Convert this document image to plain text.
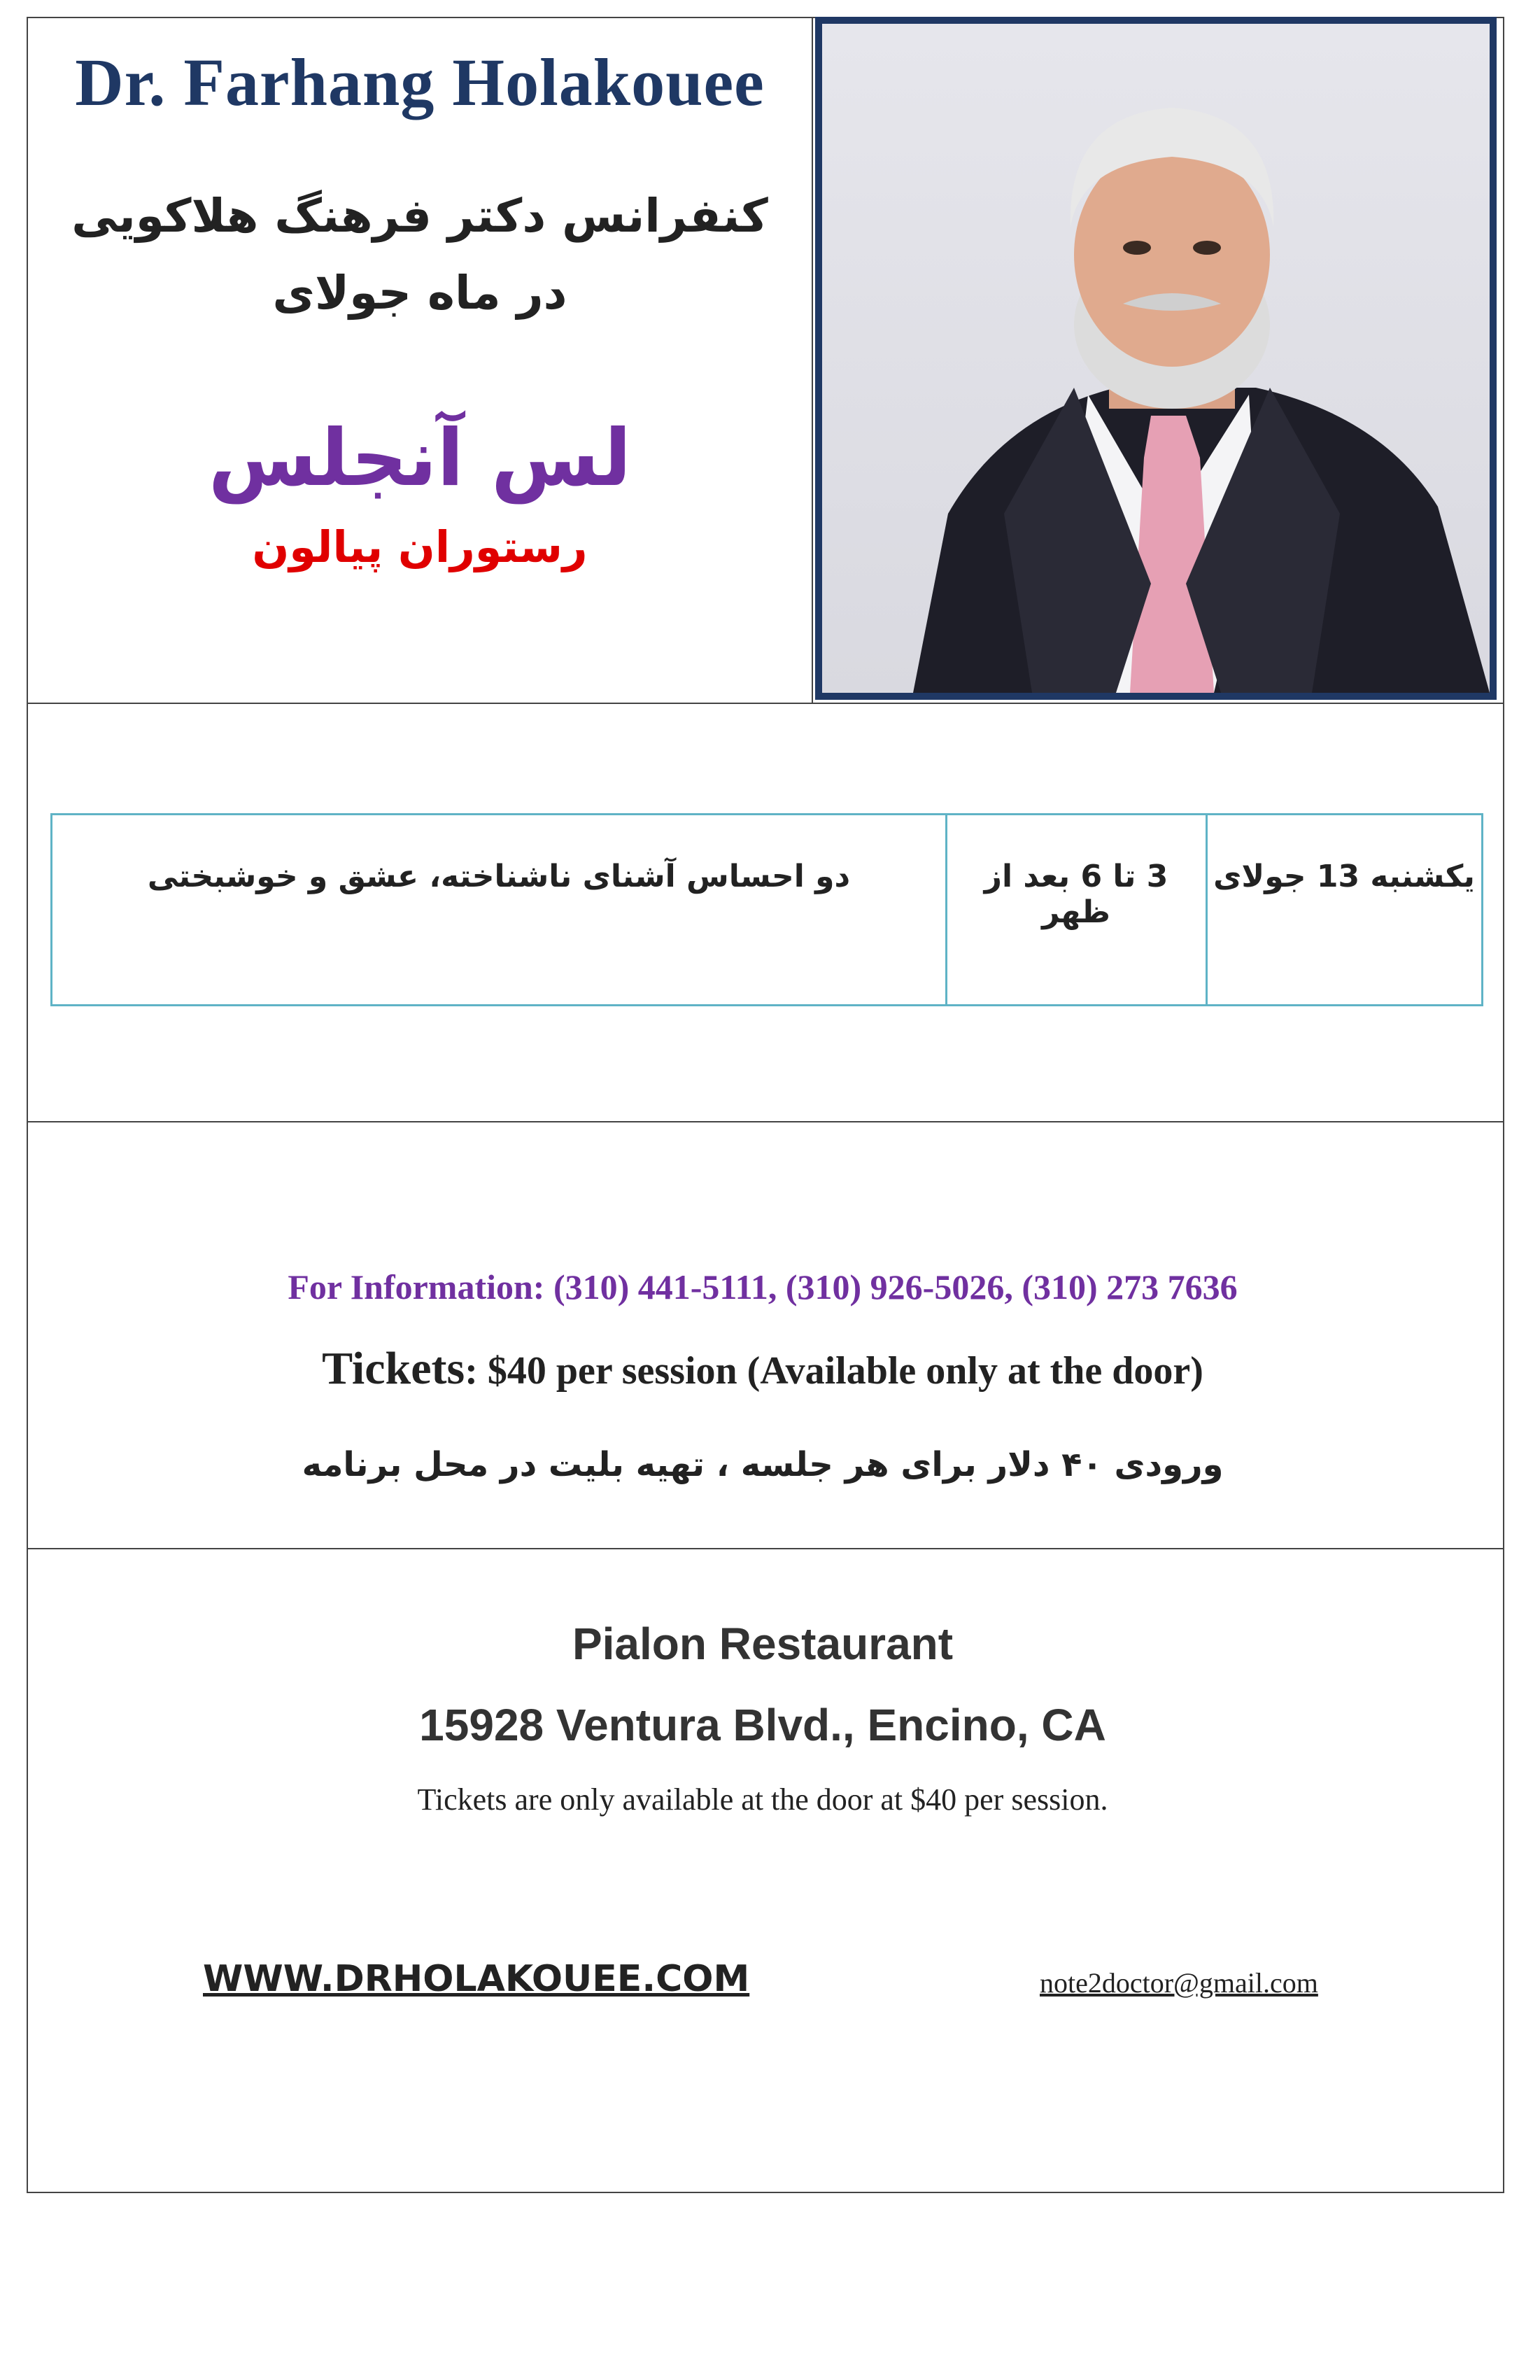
Dr. Farhang Holakouee
کنفرانس دکتر فرهنگ هلاکویی
در ماه جولای
لس آنجلس
رستوران پیالون
یکشنبه 13 جولای
3 تا 6 بعد از ظهر
دو احساس آشنای ناشناخته، عشق و خوشبختی
For Information: (310) 441-5111, (310) 926-5026, (310) 273 7636
Tickets: $40 per session (Available only at the door)
ورودی ۴۰ دلار برای هر جلسه ، تهیه بلیت در محل برنامه
Pialon Restaurant
15928 Ventura Blvd., Encino, CA
Tickets are only available at the door at $40 per session.
WWW.DRHOLAKOUEE.COM	note2doctor@gmail.com
